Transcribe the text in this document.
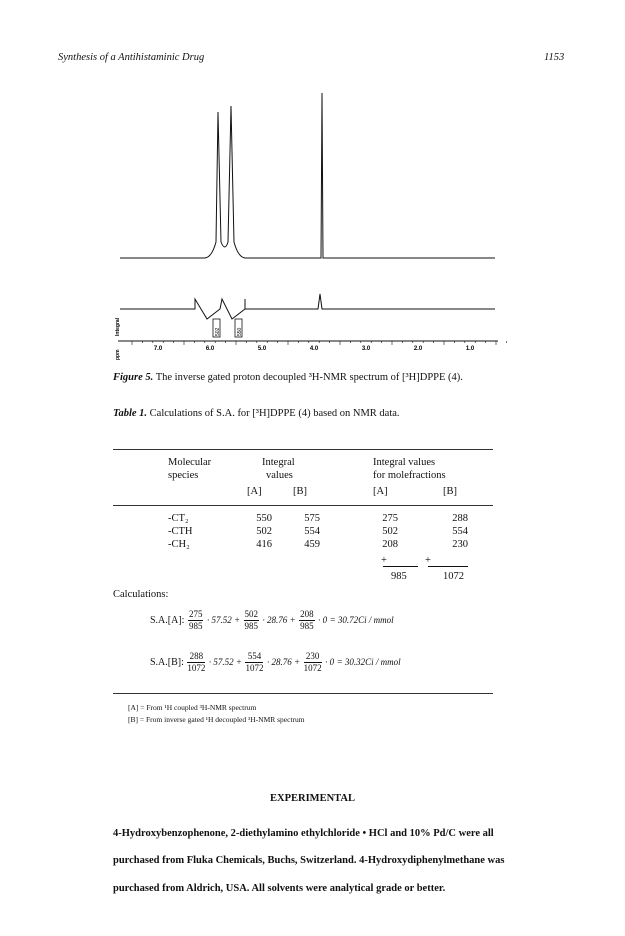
Synthesis of a Antihistaminic Drug	1153
502	550
Integral
7.0	6.0	5.0	4.0	3.0	2.0	1.0
ppm
Figure 5. The inverse gated proton decoupled ³H-NMR spectrum of [³H]DPPE (4).
Table 1. Calculations of S.A. for [³H]DPPE (4) based on NMR data.
Molecular
species
Integral
values
Integral values
for molefractions
[A]	[B]	[A]	[B]
-CT₂	550	575	275	288
-CTH	502	554	502	554
-CH₂	416	459	208	230
+	+
985	1072
Calculations:
S.A.[A]: $\frac{275}{985} \cdot 57.52 + \frac{502}{985} \cdot 28.76 + \frac{208}{985} \cdot 0 = 30.72Ci$ / mmol
S.A.[B]: $\frac{288}{1072} \cdot 57.52 + \frac{554}{1072} \cdot 28.76 + \frac{230}{1072} \cdot 0 = 30.32Ci$ / mmol
[A] = From ¹H coupled ³H-NMR spectrum
[B] = From inverse gated ¹H decoupled ³H-NMR spectrum
EXPERIMENTAL
4-Hydroxybenzophenone, 2-diethylamino ethylchloride • HCl and 10% Pd/C were all
purchased from Fluka Chemicals, Buchs, Switzerland. 4-Hydroxydiphenylmethane was
purchased from Aldrich, USA. All solvents were analytical grade or better.
